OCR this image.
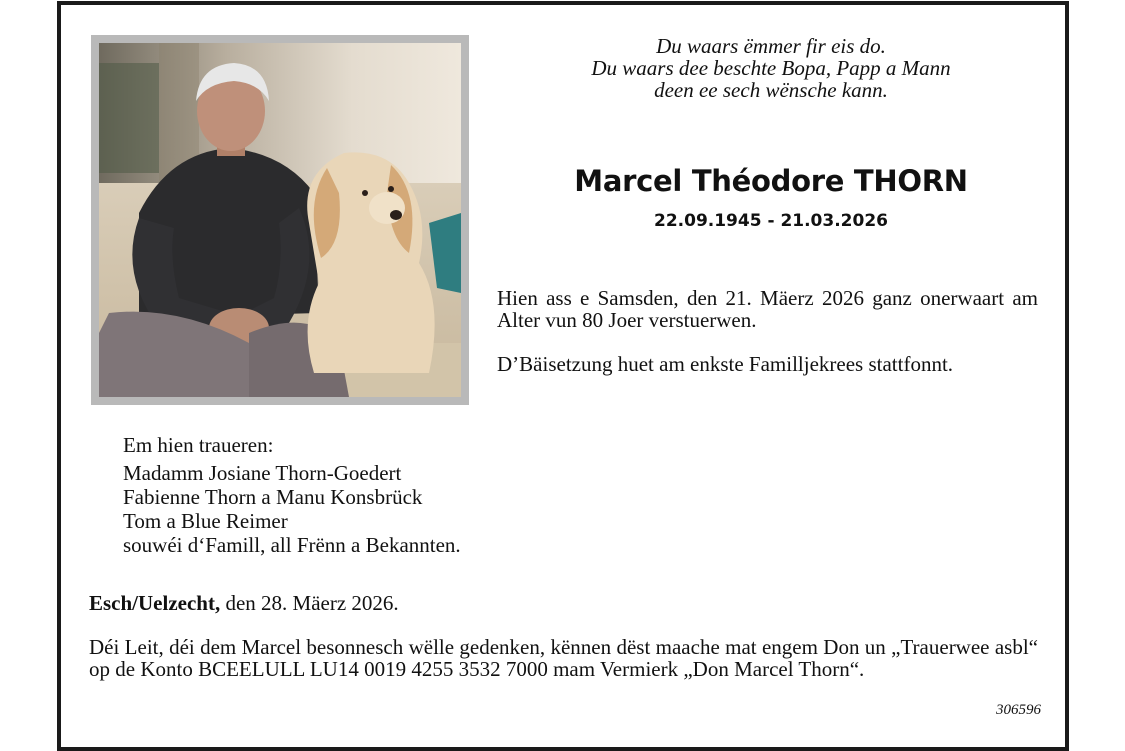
Du waars ëmmer fir eis do.
Du waars dee beschte Bopa, Papp a Mann
deen ee sech wënsche kann.
Marcel Théodore THORN
22.09.1945 - 21.03.2026
Hien ass e Samsden, den 21. Mäerz 2026 ganz onerwaart am Alter vun 80 Joer verstuerwen.
D’Bäisetzung huet am enkste Familljekrees stattfonnt.
Em hien traueren:
Madamm Josiane Thorn-Goedert
Fabienne Thorn a Manu Konsbrück
Tom a Blue Reimer
souwéi d‘Famill, all Frënn a Bekannten.
Esch/Uelzecht, den 28. Mäerz 2026.
Déi Leit, déi dem Marcel besonnesch wëlle gedenken, kënnen dëst maache mat engem Don un „Trauerwee asbl“ op de Konto BCEELULL LU14 0019 4255 3532 7000 mam Vermierk „Don Marcel Thorn“.
306596
